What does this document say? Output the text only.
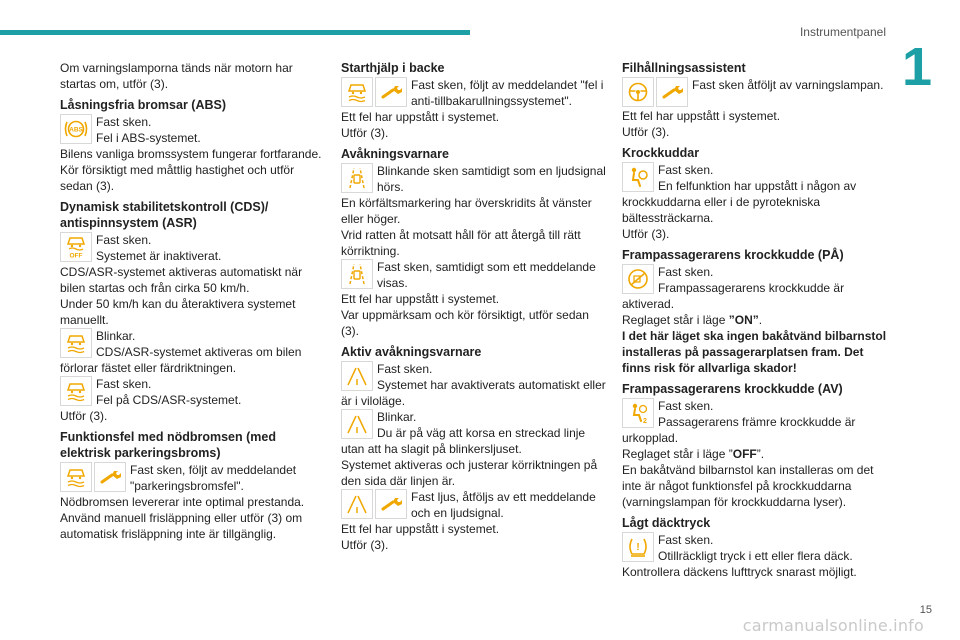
Instrumentpanel
1
Om varningslamporna tänds när motorn har startas om, utför (3).
Låsningsfria bromsar (ABS)
ABS
Fast sken.
Fel i ABS-systemet.
Bilens vanliga bromssystem fungerar fortfarande. Kör försiktigt med måttlig hastighet och utför sedan (3).
Dynamisk stabilitetskontroll (CDS)/ antispinnsystem (ASR)
OFF
Fast sken.
Systemet är inaktiverat.
CDS/ASR-systemet aktiveras automatiskt när bilen startas och från cirka 50 km/h.
Under 50 km/h kan du återaktivera systemet manuellt.
Blinkar.
CDS/ASR-systemet aktiveras om bilen förlorar fästet eller färdriktningen.
Fast sken.
Fel på CDS/ASR-systemet.
Utför (3).
Funktionsfel med nödbromsen (med elektrisk parkeringsbroms)
Fast sken, följt av meddelandet "parkeringsbromsfel".
Nödbromsen levererar inte optimal prestanda. Använd manuell frisläppning eller utför (3) om automatisk frisläppning inte är tillgänglig.
Starthjälp i backe
Fast sken, följt av meddelandet "fel i anti-tillbakarullningssystemet".
Ett fel har uppstått i systemet.
Utför (3).
Avåkningsvarnare
Blinkande sken samtidigt som en ljudsignal hörs.
En körfältsmarkering har överskridits åt vänster eller höger.
Vrid ratten åt motsatt håll för att återgå till rätt körriktning.
Fast sken, samtidigt som ett meddelande visas.
Ett fel har uppstått i systemet.
Var uppmärksam och kör försiktigt, utför sedan (3).
Aktiv avåkningsvarnare
Fast sken.
Systemet har avaktiverats automatiskt eller är i viloläge.
Blinkar.
Du är på väg att korsa en streckad linje utan att ha slagit på blinkersljuset.
Systemet aktiveras och justerar körriktningen på den sida där linjen är.
Fast ljus, åtföljs av ett meddelande och en ljudsignal.
Ett fel har uppstått i systemet.
Utför (3).
Filhållningsassistent
Fast sken åtföljt av varningslampan.
Ett fel har uppstått i systemet.
Utför (3).
Krockkuddar
Fast sken.
En felfunktion har uppstått i någon av krockkuddarna eller i de pyrotekniska bältessträckarna.
Utför (3).
Frampassagerarens krockkudde (PÅ)
Fast sken.
Frampassagerarens krockkudde är aktiverad.
Reglaget står i läge ”ON”.
I det här läget ska ingen bakåtvänd bilbarnstol installeras på passagerarplatsen fram. Det finns risk för allvarliga skador!
Frampassagerarens krockkudde (AV)
2
Fast sken.
Passagerarens främre krockkudde är urkopplad.
Reglaget står i läge ”OFF”.
En bakåtvänd bilbarnstol kan installeras om det inte är något funktionsfel på krockkuddarna (varningslampan för krockkuddarna lyser).
Lågt däcktryck
!
Fast sken.
Otillräckligt tryck i ett eller flera däck.
Kontrollera däckens lufttryck snarast möjligt.
15
carmanualsonline.info
